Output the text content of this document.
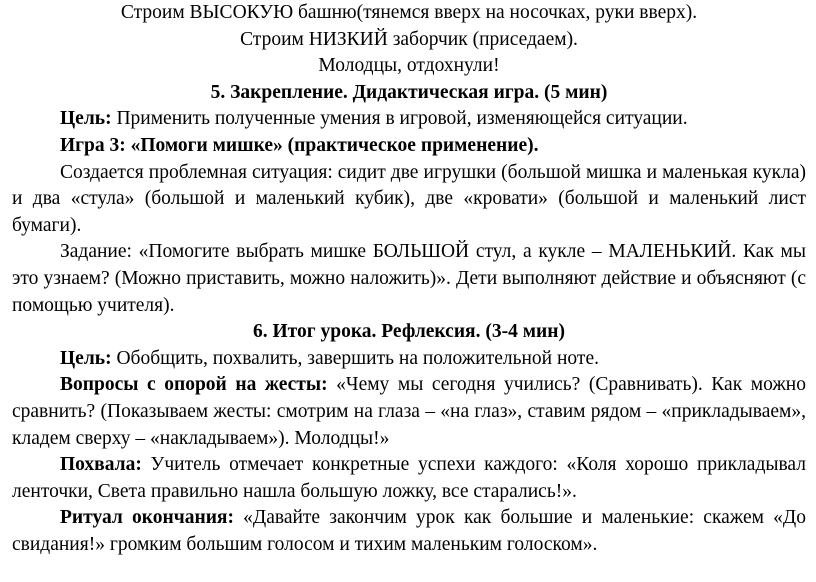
Строим ВЫСОКУЮ башню(тянемся вверх на носочках, руки вверх).

Строим НИЗКИЙ заборчик (приседаем).

Молодцы, отдохнули!

5. Закрепление. Дидактическая игра. (5 мин)

Цель: Применить полученные умения в игровой, изменяющейся ситуации.

Игра 3: «Помоги мишке» (практическое применение).

Создается проблемная ситуация: сидит две игрушки (большой мишка и маленькая кукла) и два «стула» (большой и маленький кубик), две «кровати» (большой и маленький лист бумаги).

Задание: «Помогите выбрать мишке БОЛЬШОЙ стул, а кукле – МАЛЕНЬКИЙ. Как мы это узнаем? (Можно приставить, можно наложить)». Дети выполняют действие и объясняют (с помощью учителя).

6. Итог урока. Рефлексия. (3-4 мин)

Цель: Обобщить, похвалить, завершить на положительной ноте.

Вопросы с опорой на жесты: «Чему мы сегодня учились? (Сравнивать). Как можно сравнить? (Показываем жесты: смотрим на глаза – «на глаз», ставим рядом – «прикладываем», кладем сверху – «накладываем»). Молодцы!»

Похвала: Учитель отмечает конкретные успехи каждого: «Коля хорошо прикладывал ленточки, Света правильно нашла большую ложку, все старались!».

Ритуал окончания: «Давайте закончим урок как большие и маленькие: скажем «До свидания!» громким большим голосом и тихим маленьким голоском».
